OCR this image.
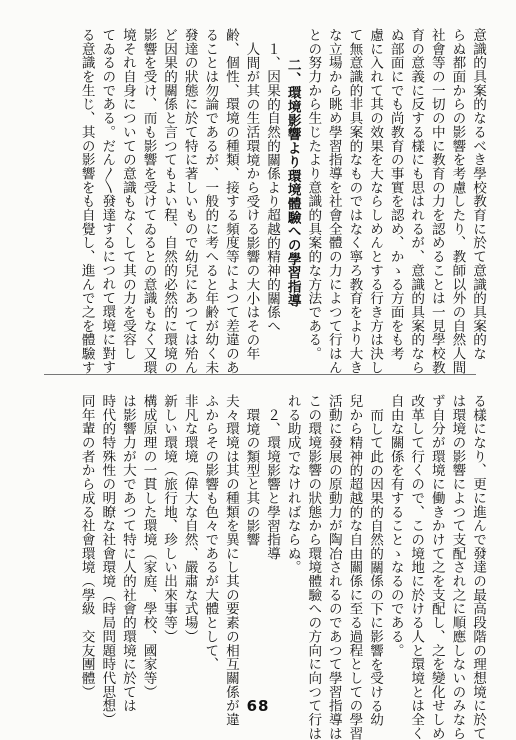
意識的具案的なるべき學校教育に於て意識的具案的な
らぬ都面からの影響を考慮したり、教師以外の自然人間
社會等の一切の中に教育の力を認めることは一見學校教
育の意義に反する樣にも思はれるが、意識的具案的なら
ぬ部面にでも尚教育の事實を認め、かゝる方面をも考
慮に入れて其の效果を大ならしめんとする行き方は決し
て無意識的非具案的なものではなく寧ろ教育をより大き
な立場から眺め學習指導を社會全體の力によつて行はん
との努力から生じたより意識的具案的な方法である。
二、環境影響より環境體驗への學習指導
１、因果的自然的關係より超越的精神的關係へ
人間が其の生活環境から受ける影響の大小はその年
齢、個性、環境の種類、接する頻度等によつて差違のあ
ることは勿論であるが、一般的に考へると年齢が幼く未
發達の狀態に於て特に著しいもので幼兒にあつては殆ん
ど因果的關係と言つてもよい程、自然的必然的に環境の
影響を受け、而も影響を受けてゐるとの意識もなく又環
境それ自身についての意識もなくして其の力を受容し
てゐるのである。だん〳〵發達するにつれて環境に對す
る意識を生じ、其の影響をも自覺し、進んで之を體驗す
る樣になり、更に進んで發達の最高段階の理想境に於て
は環境の影響によつて支配され之に順應しないのみなら
ず自分が環境に働きかけて之を支配し、之を變化せしめ
改革して行くので、この境地に於ける人と環境とは全く
自由な關係を有することゝなるのである。
而して此の因果的自然的關係の下に影響を受ける幼
兒から精神的超越的な自由關係に至る過程としての學習
活動に發展の原動力が陶冶されるのであつて學習指導は
この環境影響の狀態から環境體驗への方向に向つて行は
れる助成でなければならぬ。
２、環境影響と學習指導
環境の類型と其の影響
夫々環境は其の種類を異にし其の要素の相互關係が違
ふからその影響も色々であるが大體として、
非凡な環境（偉大な自然、嚴肅な式場）
新しい環境（旅行地、珍しい出來事等）
構成原理の一貫した環境（家庭、學校、國家等）
は影響力が大であつて特に人的社會的環境に於ては
時代的特殊性の明瞭な社會環境（時局問題時代思想）
同年輩の者から成る社會環境（學級　交友團體）
68
